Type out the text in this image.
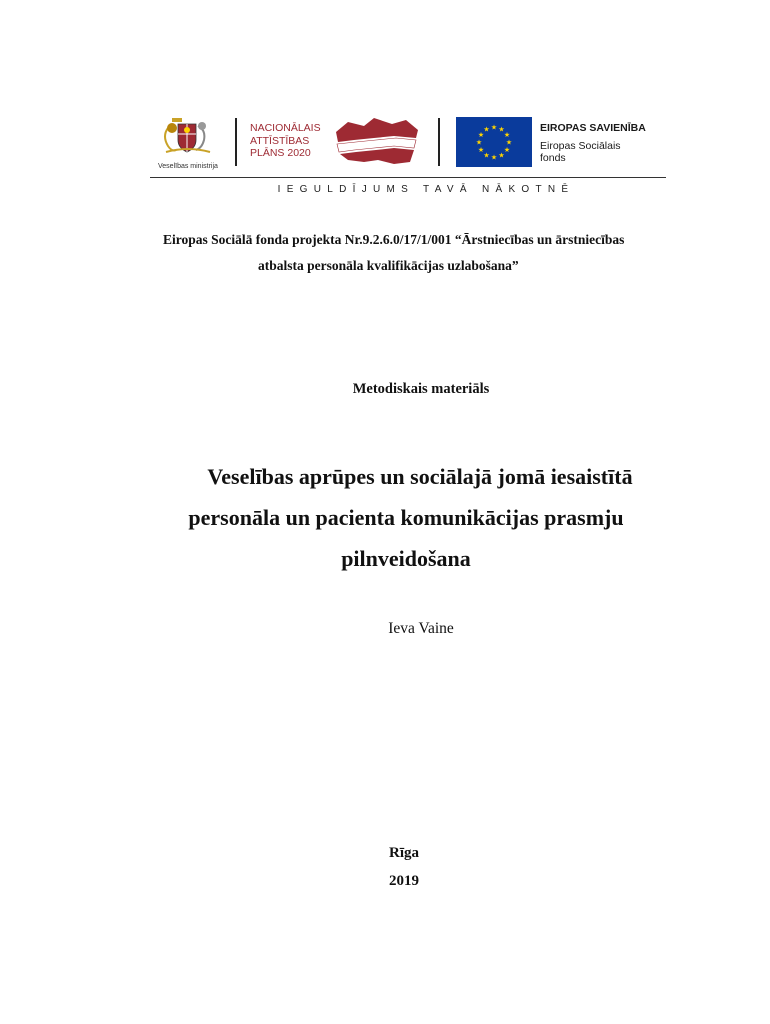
Veselības ministrija
NACIONĀLAIS
ATTĪSTĪBAS
PLĀNS 2020
★ ★
★
★
★
★
★
★
★
★
★
★	EIROPAS SAVIENĪBA
Eiropas Sociālais
fonds
IEGULDĪJUMS TAVĀ NĀKOTNĒ
Eiropas Sociālā fonda projekta Nr.9.2.6.0/17/1/001 “Ārstniecības un ārstniecības
atbalsta personāla kvalifikācijas uzlabošana”
Metodiskais materiāls
Veselības aprūpes un sociālajā jomā iesaistītā
personāla un pacienta komunikācijas prasmju
pilnveidošana
Ieva Vaine
Rīga
2019
